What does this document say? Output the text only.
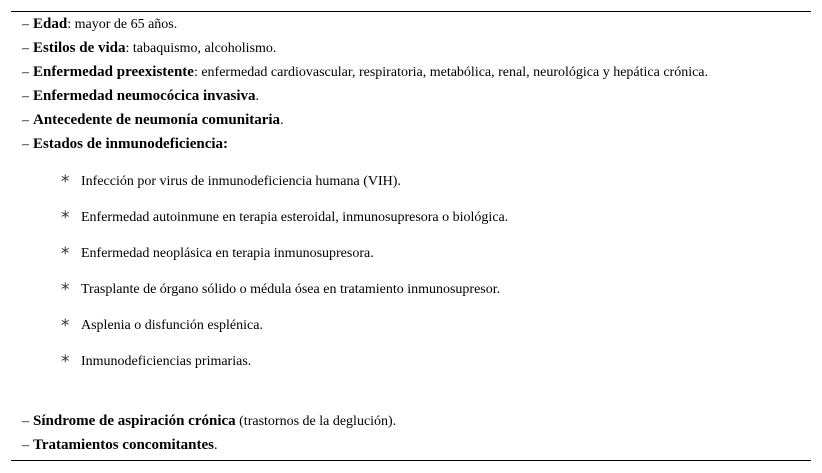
– Edad: mayor de 65 años.
– Estilos de vida: tabaquismo, alcoholismo.
– Enfermedad preexistente: enfermedad cardiovascular, respiratoria, metabólica, renal, neurológica y hepática crónica.
– Enfermedad neumocócica invasiva.
– Antecedente de neumonía comunitaria.
– Estados de inmunodeficiencia:
* Infección por virus de inmunodeficiencia humana (VIH).
* Enfermedad autoinmune en terapia esteroidal, inmunosupresora o biológica.
* Enfermedad neoplásica en terapia inmunosupresora.
* Trasplante de órgano sólido o médula ósea en tratamiento inmunosupresor.
* Asplenia o disfunción esplénica.
* Inmunodeficiencias primarias.
– Síndrome de aspiración crónica (trastornos de la deglución).
– Tratamientos concomitantes.
